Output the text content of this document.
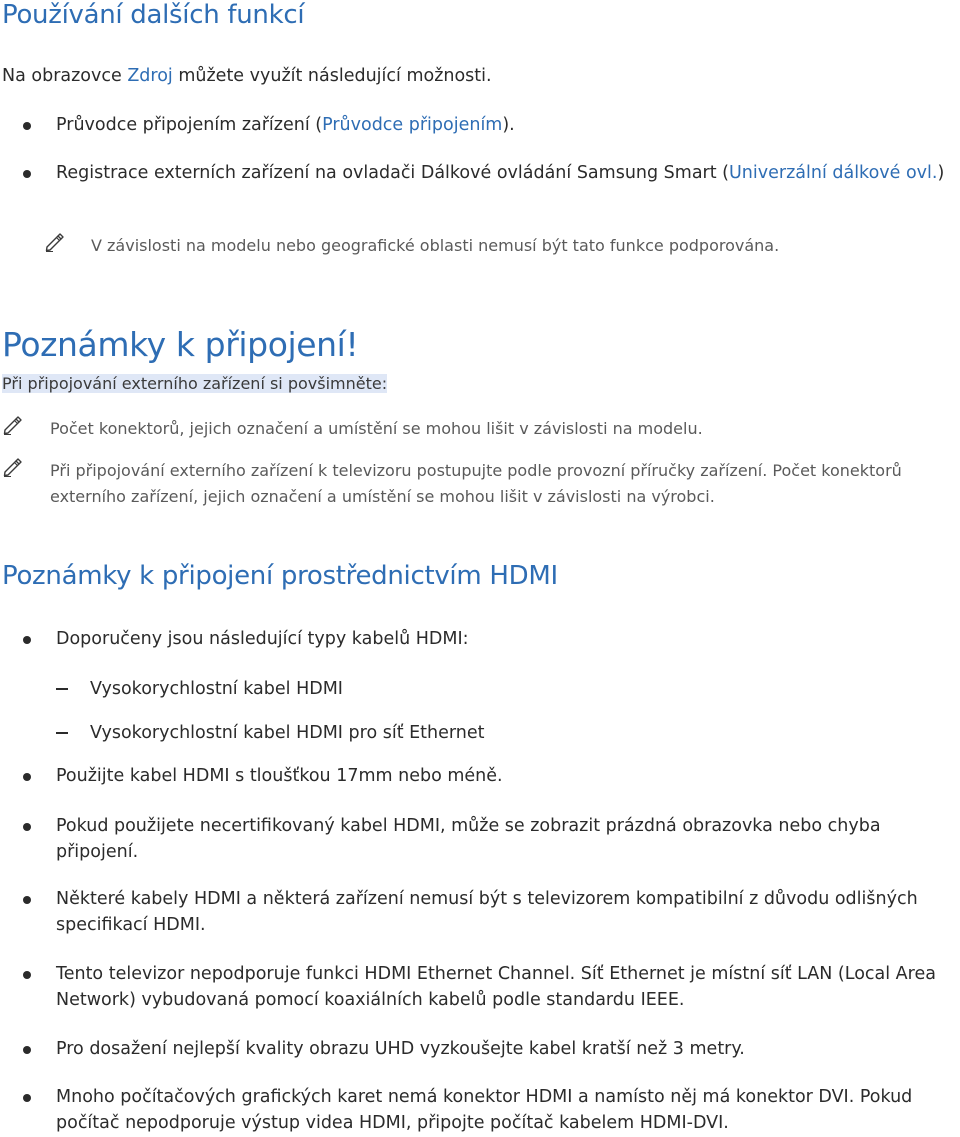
Používání dalších funkcí

Na obrazovce Zdroj můžete využít následující možnosti.

Průvodce připojením zařízení (Průvodce připojením).

Registrace externích zařízení na ovladači Dálkové ovládání Samsung Smart (Univerzální dálkové ovl.)

V závislosti na modelu nebo geografické oblasti nemusí být tato funkce podporována.

Poznámky k připojení!

Při připojování externího zařízení si povšimněte:

Počet konektorů, jejich označení a umístění se mohou lišit v závislosti na modelu.

Při připojování externího zařízení k televizoru postupujte podle provozní příručky zařízení. Počet konektorů externího zařízení, jejich označení a umístění se mohou lišit v závislosti na výrobci.

Poznámky k připojení prostřednictvím HDMI

Doporučeny jsou následující typy kabelů HDMI:

Vysokorychlostní kabel HDMI

Vysokorychlostní kabel HDMI pro síť Ethernet

Použijte kabel HDMI s tloušťkou 17mm nebo méně.

Pokud použijete necertifikovaný kabel HDMI, může se zobrazit prázdná obrazovka nebo chyba připojení.

Některé kabely HDMI a některá zařízení nemusí být s televizorem kompatibilní z důvodu odlišných specifikací HDMI.

Tento televizor nepodporuje funkci HDMI Ethernet Channel. Síť Ethernet je místní síť LAN (Local Area Network) vybudovaná pomocí koaxiálních kabelů podle standardu IEEE.

Pro dosažení nejlepší kvality obrazu UHD vyzkoušejte kabel kratší než 3 metry.

Mnoho počítačových grafických karet nemá konektor HDMI a namísto něj má konektor DVI. Pokud počítač nepodporuje výstup videa HDMI, připojte počítač kabelem HDMI-DVI.
